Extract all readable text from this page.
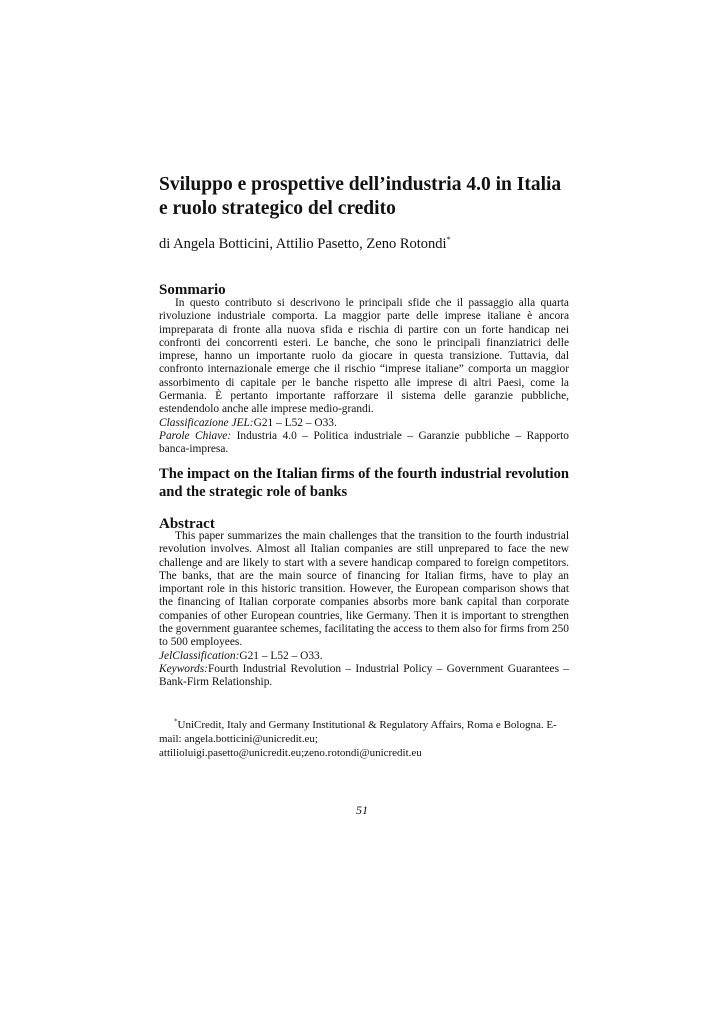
Sviluppo e prospettive dell’industria 4.0 in Italia e ruolo strategico del credito
di Angela Botticini, Attilio Pasetto, Zeno Rotondi*
Sommario

In questo contributo si descrivono le principali sfide che il passaggio alla quarta rivoluzione industriale comporta. La maggior parte delle imprese italiane è ancora impreparata di fronte alla nuova sfida e rischia di partire con un forte handicap nei confronti dei concorrenti esteri. Le banche, che sono le principali finanziatrici delle imprese, hanno un importante ruolo da giocare in questa transizione. Tuttavia, dal confronto internazionale emerge che il rischio “imprese italiane” comporta un maggior assorbimento di capitale per le banche rispetto alle imprese di altri Paesi, come la Germania. È pertanto importante rafforzare il sistema delle garanzie pubbliche, estendendolo anche alle imprese medio-grandi.

Classificazione JEL:G21 – L52 – O33.

Parole Chiave: Industria 4.0 – Politica industriale – Garanzie pubbliche – Rapporto banca-impresa.

The impact on the Italian firms of the fourth industrial revolution and the strategic role of banks
Abstract

This paper summarizes the main challenges that the transition to the fourth industrial revolution involves. Almost all Italian companies are still unprepared to face the new challenge and are likely to start with a severe handicap compared to foreign competitors. The banks, that are the main source of financing for Italian firms, have to play an important role in this historic transition. However, the European comparison shows that the financing of Italian corporate companies absorbs more bank capital than corporate companies of other European countries, like Germany. Then it is important to strengthen the government guarantee schemes, facilitating the access to them also for firms from 250 to 500 employees.

JelClassification:G21 – L52 – O33.

Keywords:Fourth Industrial Revolution – Industrial Policy – Government Guarantees – Bank-Firm Relationship.

*UniCredit, Italy and Germany Institutional & Regulatory Affairs, Roma e Bologna. E-mail: angela.botticini@unicredit.eu; attilioluigi.pasetto@unicredit.eu;zeno.rotondi@unicredit.eu

51
